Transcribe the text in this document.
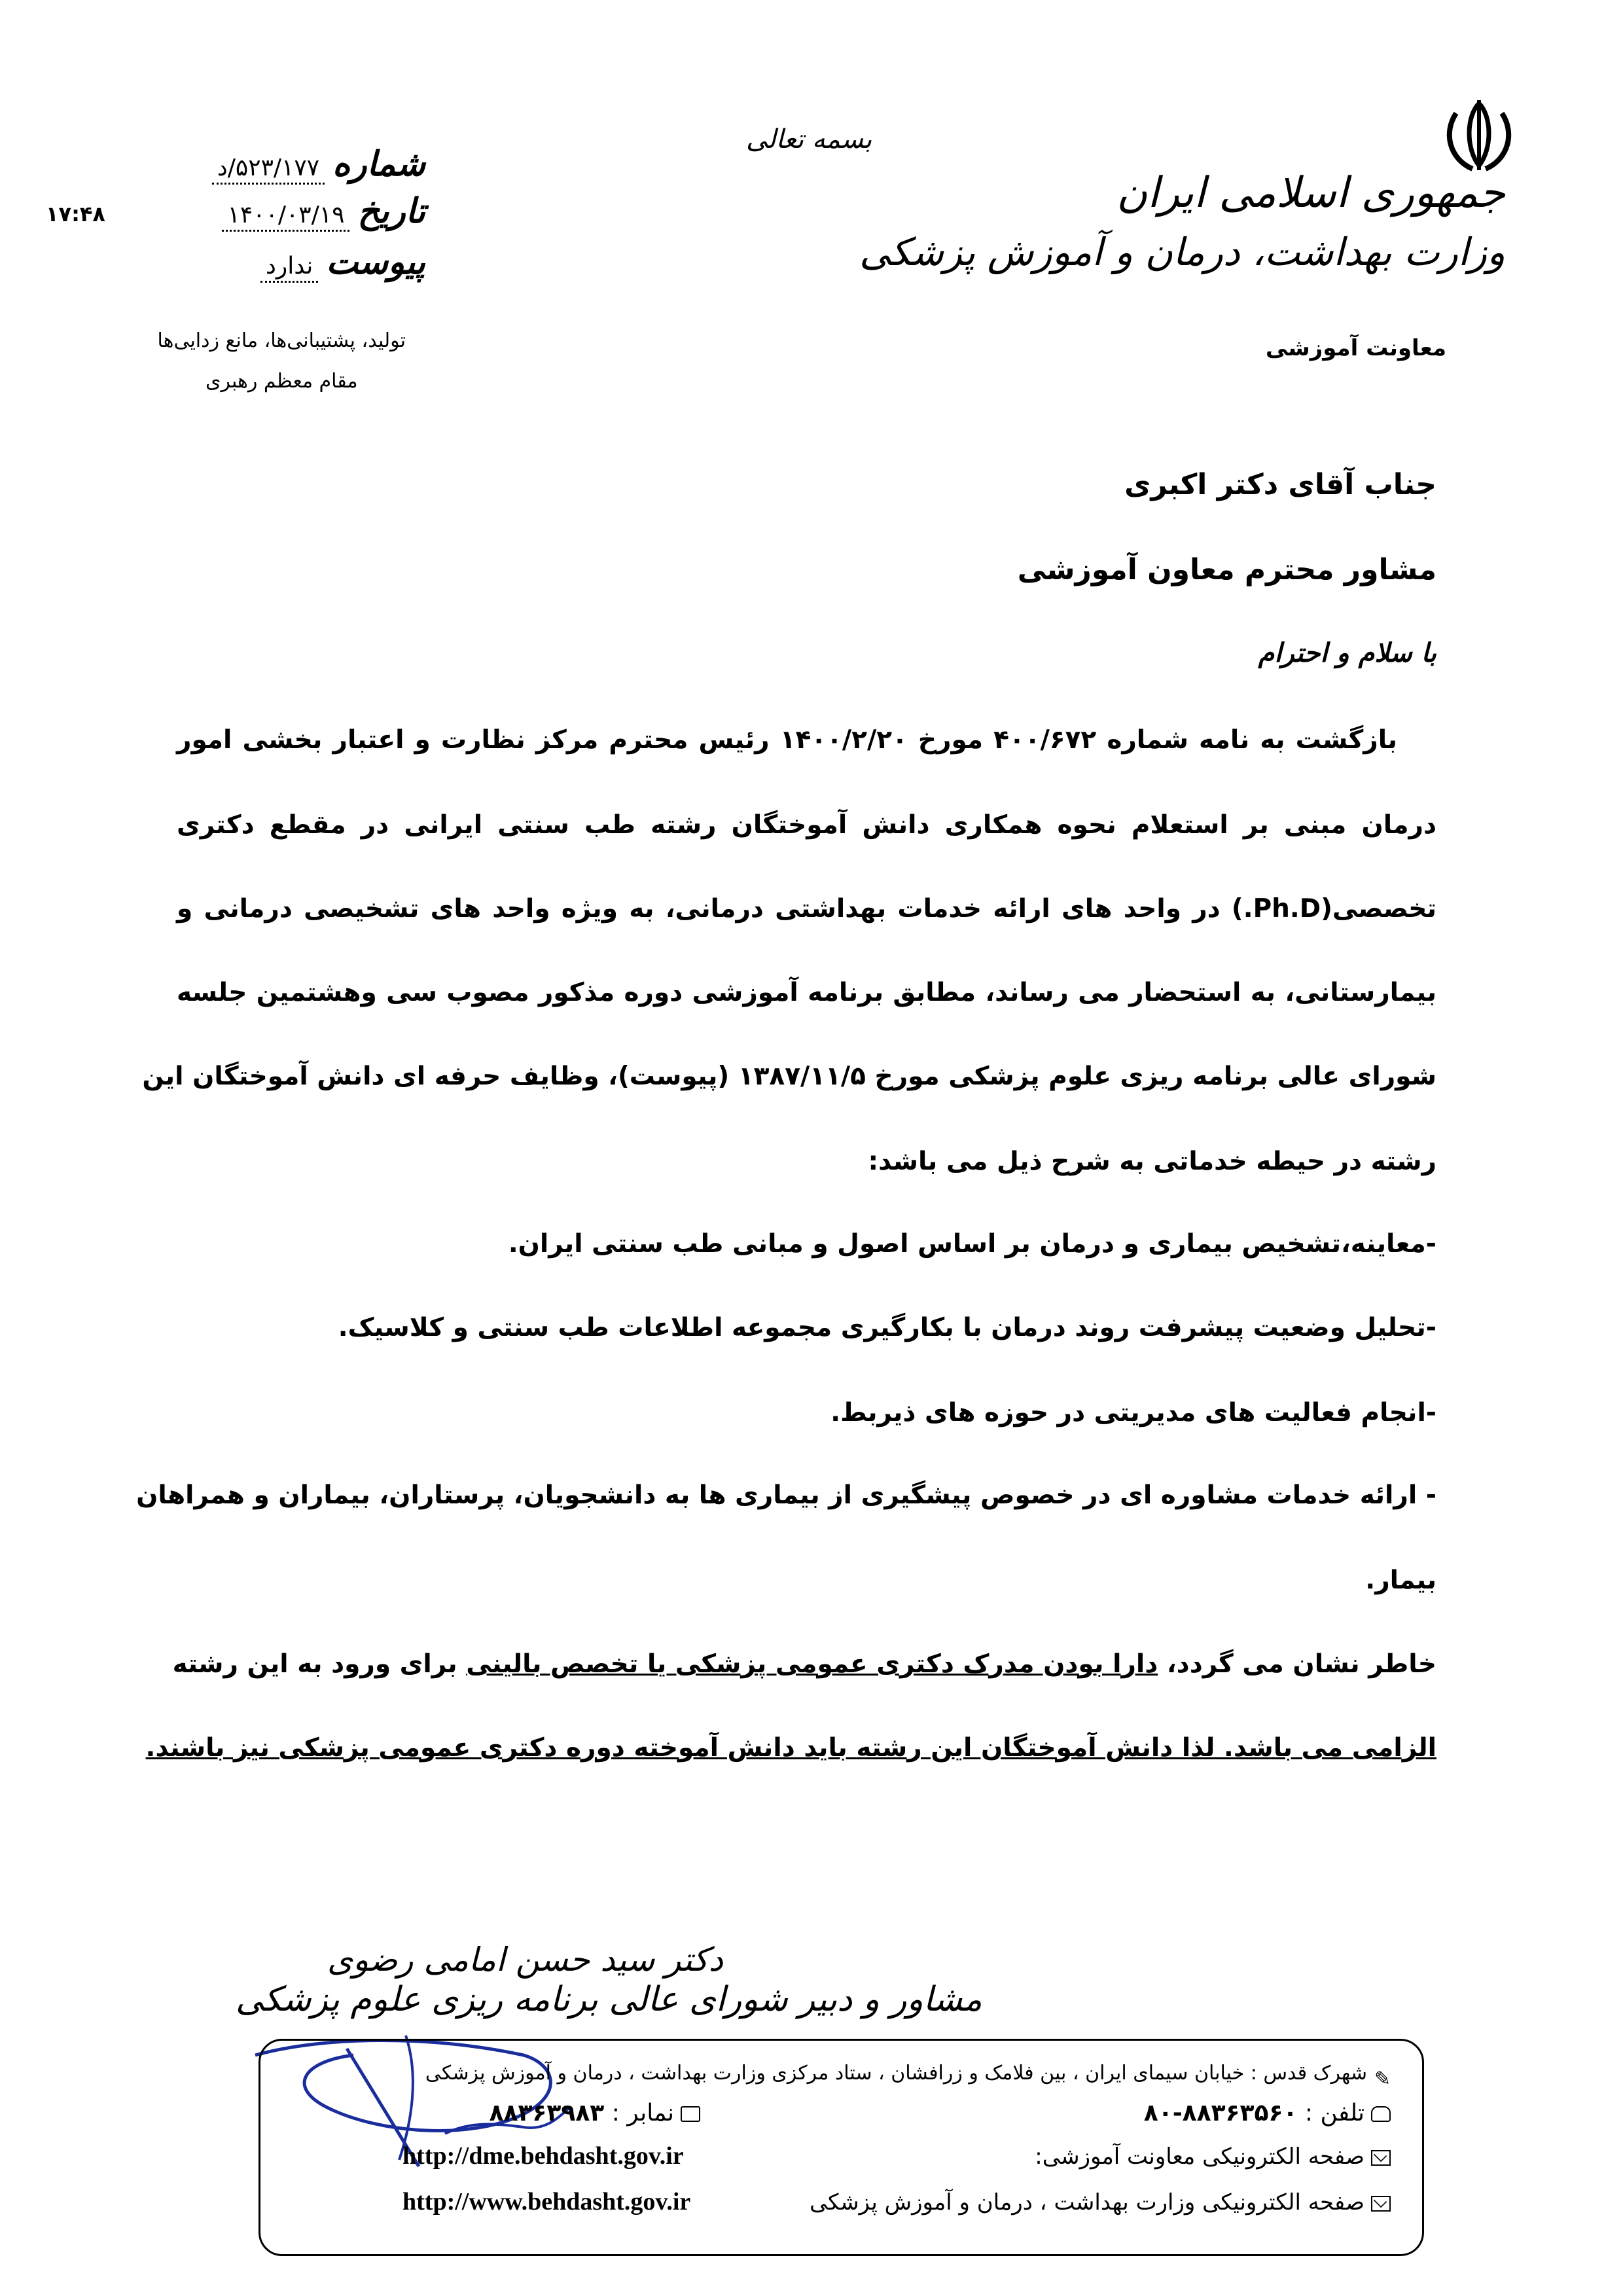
جمهوری اسلامی ایران
وزارت بهداشت، درمان و آموزش پزشکی
معاونت آموزشی
بسمه تعالی
شماره ۵۲۳/۱۷۷/د
تاریخ ۱۴۰۰/۰۳/۱۹
پیوست ندارد
۱۷:۴۸
تولید، پشتیبانی‌ها، مانع زدایی‌ها
مقام معظم رهبری
جناب آقای دکتر اکبری
مشاور محترم معاون آموزشی
با سلام و احترام
بازگشت به نامه شماره ۴۰۰/۶۷۲ مورخ ۱۴۰۰/۲/۲۰ رئیس محترم مرکز نظارت و اعتبار بخشی امور
درمان مبنی بر استعلام نحوه همکاری دانش آموختگان رشته طب سنتی ایرانی در مقطع دکتری
تخصصی(Ph.D.) در واحد های ارائه خدمات بهداشتی درمانی، به ویژه واحد های تشخیصی درمانی و
بیمارستانی، به استحضار می رساند، مطابق برنامه آموزشی دوره مذکور مصوب سی وهشتمین جلسه
شورای عالی برنامه ریزی علوم پزشکی مورخ ۱۳۸۷/۱۱/۵ (پیوست)، وظایف حرفه ای دانش آموختگان این
رشته در حیطه خدماتی به شرح ذیل می باشد:
-معاینه،تشخیص بیماری و درمان بر اساس اصول و مبانی طب سنتی ایران.
-تحلیل وضعیت پیشرفت روند درمان با بکارگیری مجموعه اطلاعات طب سنتی و کلاسیک.
-انجام فعالیت های مدیریتی در حوزه های ذیربط.
- ارائه خدمات مشاوره ای در خصوص پیشگیری از بیماری ها به دانشجویان، پرستاران، بیماران و همراهان
بیمار.
خاطر نشان می گردد، دارا بودن مدرک دکتری عمومی پزشکی یا تخصص بالینی برای ورود به این رشته
الزامی می باشد. لذا دانش آموختگان این رشته باید دانش آموخته دوره دکتری عمومی پزشکی نیز باشند.
دکتر سید حسن امامی رضوی
مشاور و دبیر شورای عالی برنامه ریزی علوم پزشکی
✎شهرک قدس : خیابان سیمای ایران ، بین فلامک و زرافشان ، ستاد مرکزی وزارت بهداشت ، درمان و آموزش پزشکی
تلفن : ۸۸۳۶۳۵۶۰-۸۰
نمابر : ۸۸۳۶۳۹۸۳
صفحه الکترونیکی معاونت آموزشی:
http://dme.behdasht.gov.ir
صفحه الکترونیکی وزارت بهداشت ، درمان و آموزش پزشکی
http://www.behdasht.gov.ir
